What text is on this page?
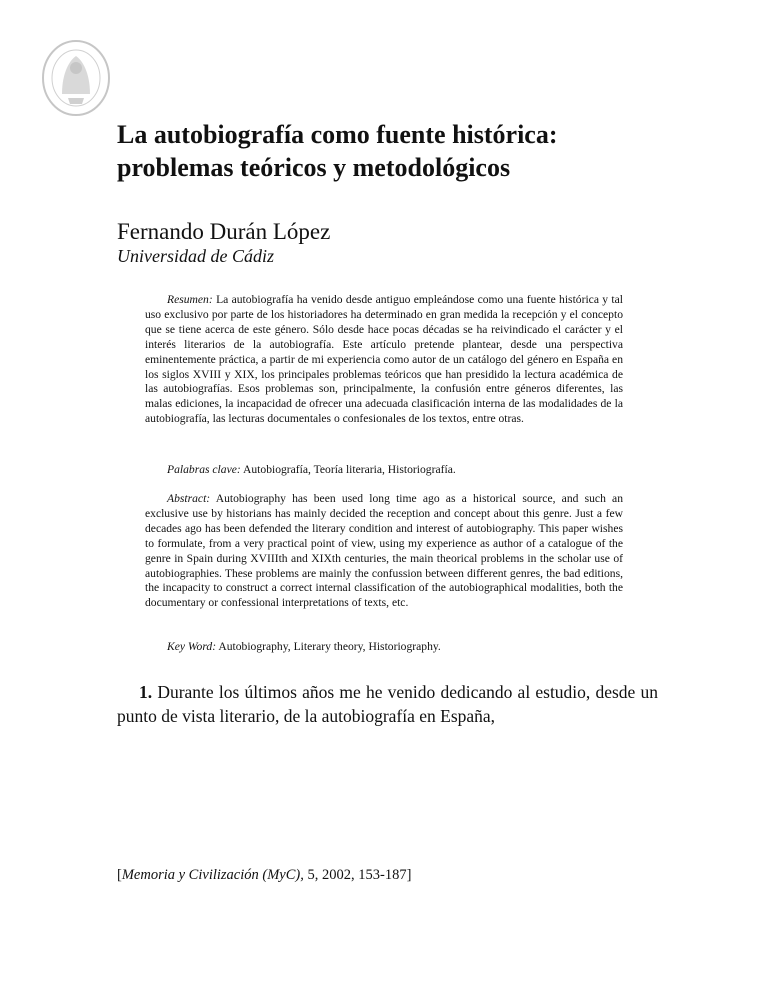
La autobiografía como fuente histórica:
problemas teóricos y metodológicos
Fernando Durán López
Universidad de Cádiz

Resumen: La autobiografía ha venido desde antiguo empleándose como una fuente histórica y tal uso exclusivo por parte de los historiadores ha determinado en gran medida la recepción y el concepto que se tiene acerca de este género. Sólo desde hace pocas décadas se ha reivindicado el carácter y el interés literarios de la autobiografía. Este artículo pretende plantear, desde una perspectiva eminentemente práctica, a partir de mi experiencia como autor de un catálogo del género en España en los siglos XVIII y XIX, los principales problemas teóricos que han presidido la lectura académica de las autobiografías. Esos problemas son, principalmente, la confusión entre géneros diferentes, las malas ediciones, la incapacidad de ofrecer una adecuada clasificación interna de las modalidades de la autobiografía, las lecturas documentales o confesionales de los textos, entre otras.

Palabras clave: Autobiografía, Teoría literaria, Historiografía.

Abstract: Autobiography has been used long time ago as a historical source, and such an exclusive use by historians has mainly decided the reception and concept about this genre. Just a few decades ago has been defended the literary condition and interest of autobiography. This paper wishes to formulate, from a very practical point of view, using my experience as author of a catalogue of the genre in Spain during XVIIIth and XIXth centuries, the main theorical problems in the scholar use of autobiographies. These problems are mainly the confussion between different genres, the bad editions, the incapacity to construct a correct internal classification of the autobiographical modalities, both the documentary or confessional interpretations of texts, etc.

Key Word: Autobiography, Literary theory, Historiography.

1. Durante los últimos años me he venido dedicando al estudio, desde un punto de vista literario, de la autobiografía en España,

[Memoria y Civilización (MyC), 5, 2002, 153-187]
